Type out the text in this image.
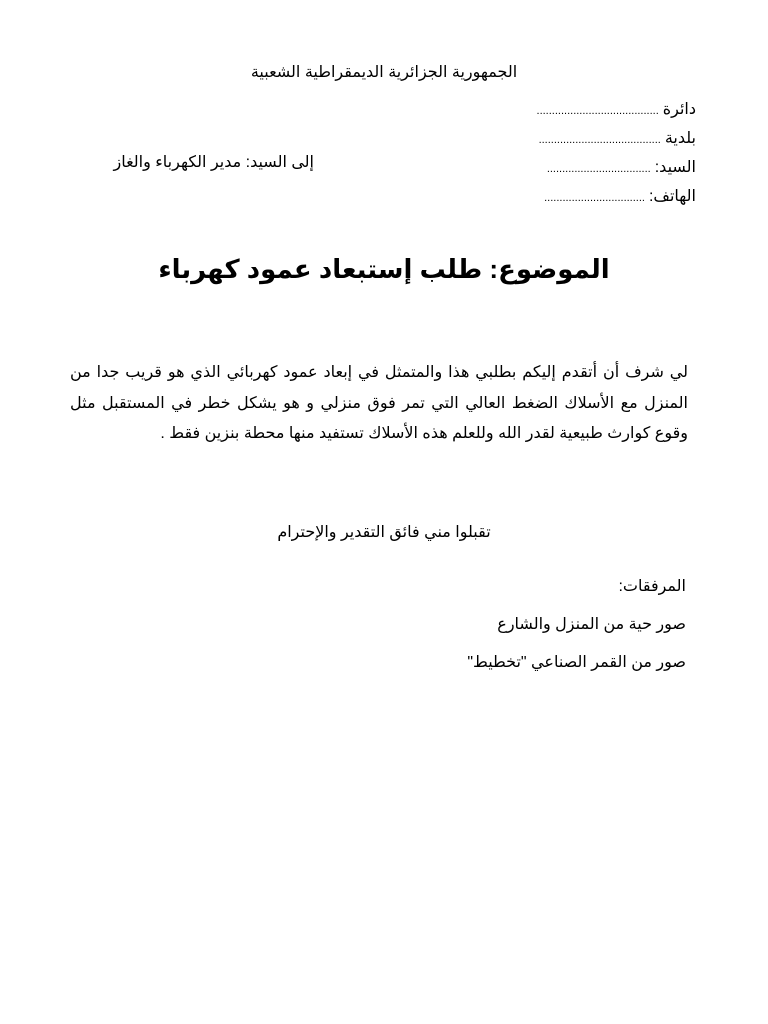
الجمهورية الجزائرية الديمقراطية الشعبية
دائرة
........................................
بلدية
........................................
السيد:
..................................
الهاتف:
.................................
إلى السيد: مدير الكهرباء والغاز
الموضوع: طلب إستبعاد عمود كهرباء
لي شرف أن أتقدم إليكم بطلبي هذا والمتمثل في إبعاد عمود كهربائي الذي هو قريب جدا من المنزل مع الأسلاك الضغط العالي التي تمر فوق منزلي و هو يشكل خطر في المستقبل مثل وقوع كوارث طبيعية لقدر الله وللعلم هذه الأسلاك تستفيد منها محطة بنزين فقط .
تقبلوا مني فائق التقدير والإحترام
المرفقات:
صور حية من المنزل والشارع
صور من القمر الصناعي "تخطيط"
